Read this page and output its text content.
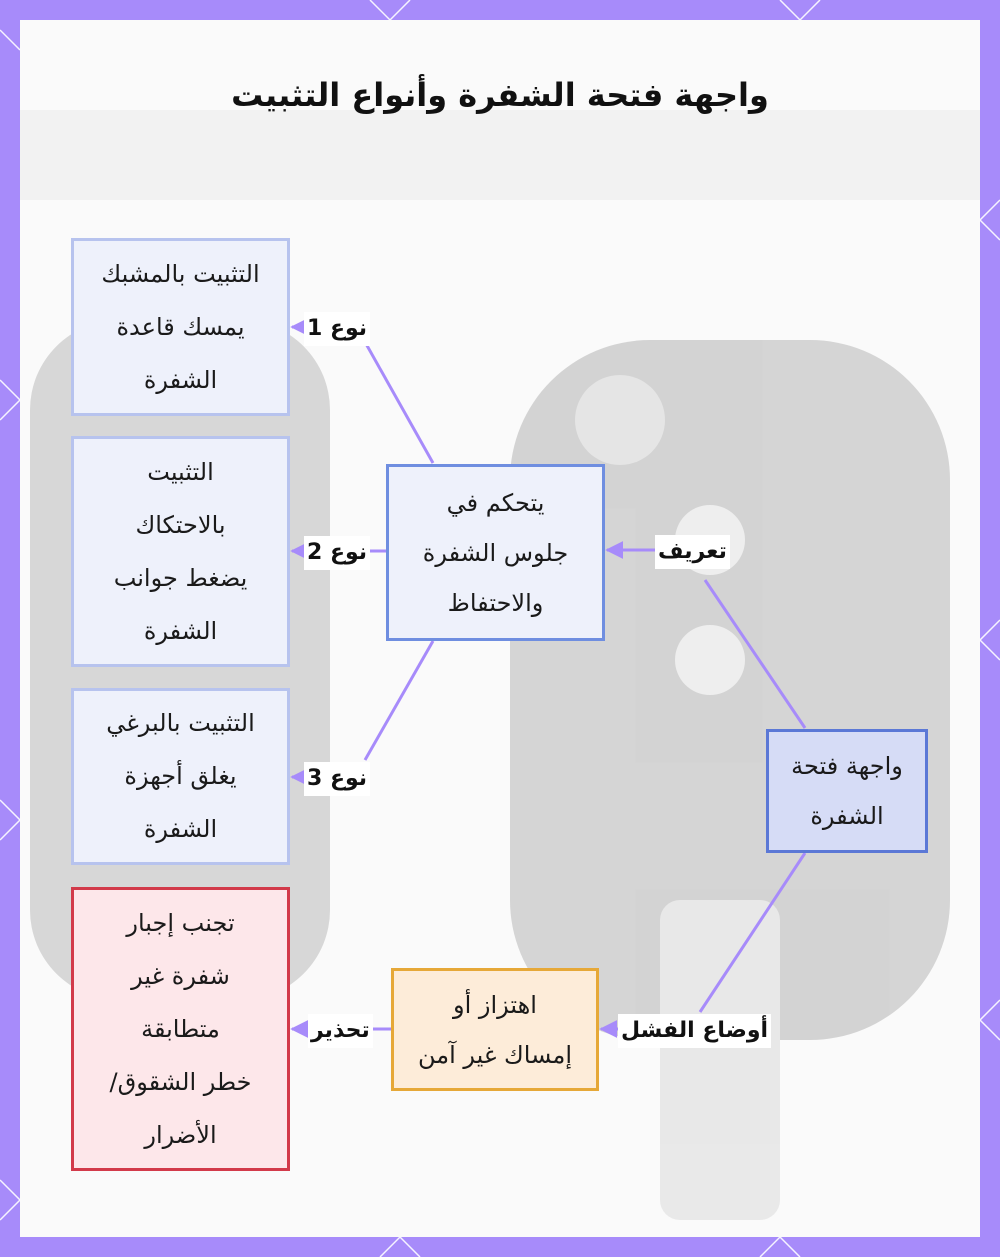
واجهة فتحة الشفرة وأنواع التثبيت
التثبيت بالمشبك
يمسك قاعدة
الشفرة
التثبيت
بالاحتكاك
يضغط جوانب
الشفرة
التثبيت بالبرغي
يغلق أجهزة
الشفرة
تجنب إجبار
شفرة غير
متطابقة
خطر الشقوق/
الأضرار
يتحكم في
جلوس الشفرة
والاحتفاظ
اهتزاز أو
إمساك غير آمن
واجهة فتحة
الشفرة
تعريف
نوع 1
نوع 2
نوع 3
أوضاع الفشل
تحذير
